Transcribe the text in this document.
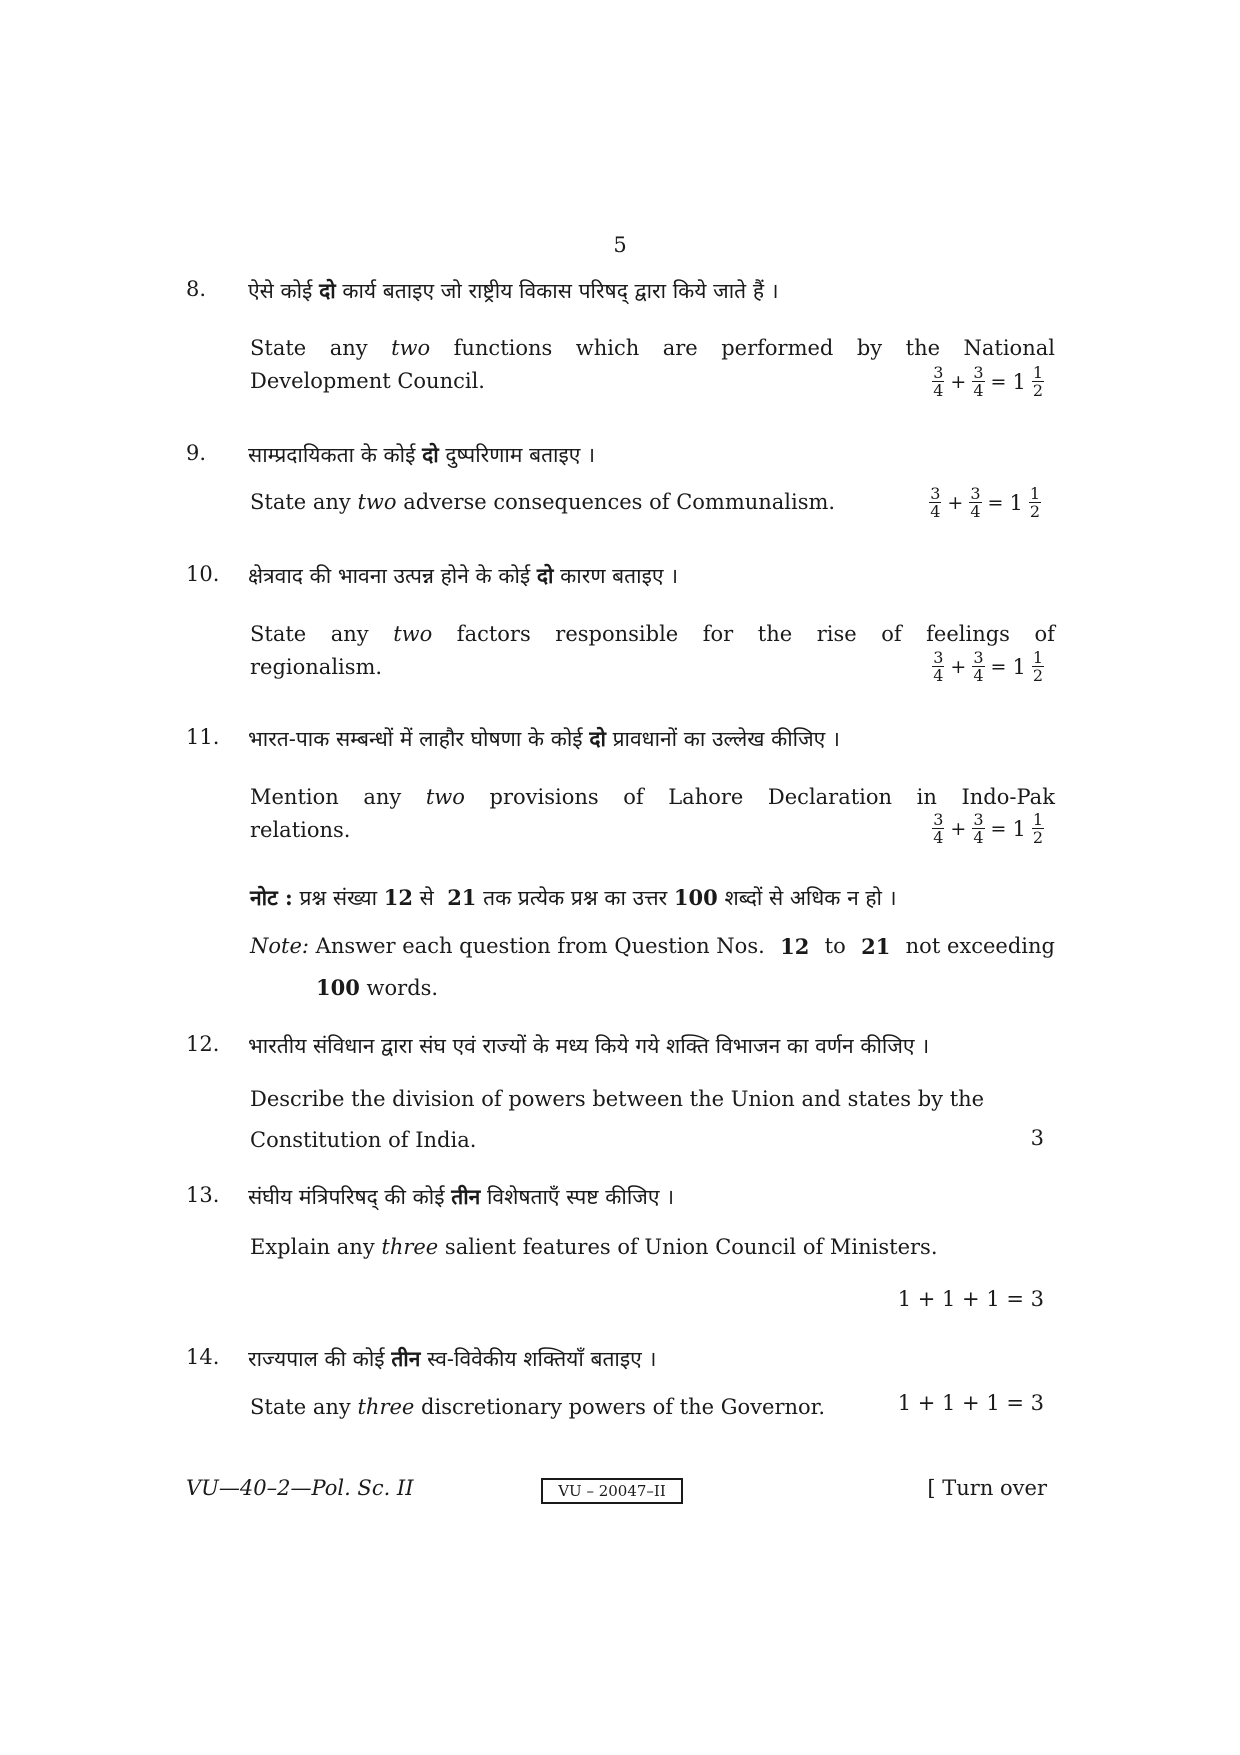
5
8.	ऐसे कोई दो कार्य बताइए जो राष्ट्रीय विकास परिषद् द्वारा किये जाते हैं ।
State any two functions which are performed by the National
Development Council.	$\frac{3}{4} + \frac{3}{4} = 1 \frac{1}{2}$
9.	साम्प्रदायिकता के कोई दो दुष्परिणाम बताइए ।
State any two adverse consequences of Communalism.	$\frac{3}{4} + \frac{3}{4} = 1 \frac{1}{2}$
10.	क्षेत्रवाद की भावना उत्पन्न होने के कोई दो कारण बताइए ।
State any two factors responsible for the rise of feelings of
regionalism.	$\frac{3}{4} + \frac{3}{4} = 1 \frac{1}{2}$
11.	भारत-पाक सम्बन्धों में लाहौर घोषणा के कोई दो प्रावधानों का उल्लेख कीजिए ।
Mention any two provisions of Lahore Declaration in Indo-Pak
relations.	$\frac{3}{4} + \frac{3}{4} = 1 \frac{1}{2}$
नोट : प्रश्न संख्या 12 से 21 तक प्रत्येक प्रश्न का उत्तर 100 शब्दों से अधिक न हो ।
Note: Answer each question from Question Nos. 12 to 21 not exceeding
100 words.
12.	भारतीय संविधान द्वारा संघ एवं राज्यों के मध्य किये गये शक्ति विभाजन का वर्णन कीजिए ।
Describe the division of powers between the Union and states by the
Constitution of India.	3
13.	संघीय मंत्रिपरिषद् की कोई तीन विशेषताएँ स्पष्ट कीजिए ।
Explain any three salient features of Union Council of Ministers.
1 + 1 + 1 = 3
14.	राज्यपाल की कोई तीन स्व-विवेकीय शक्तियाँ बताइए ।
State any three discretionary powers of the Governor.	1 + 1 + 1 = 3
VU—40–2—Pol. Sc. II	VU – 20047–II	[ Turn over
